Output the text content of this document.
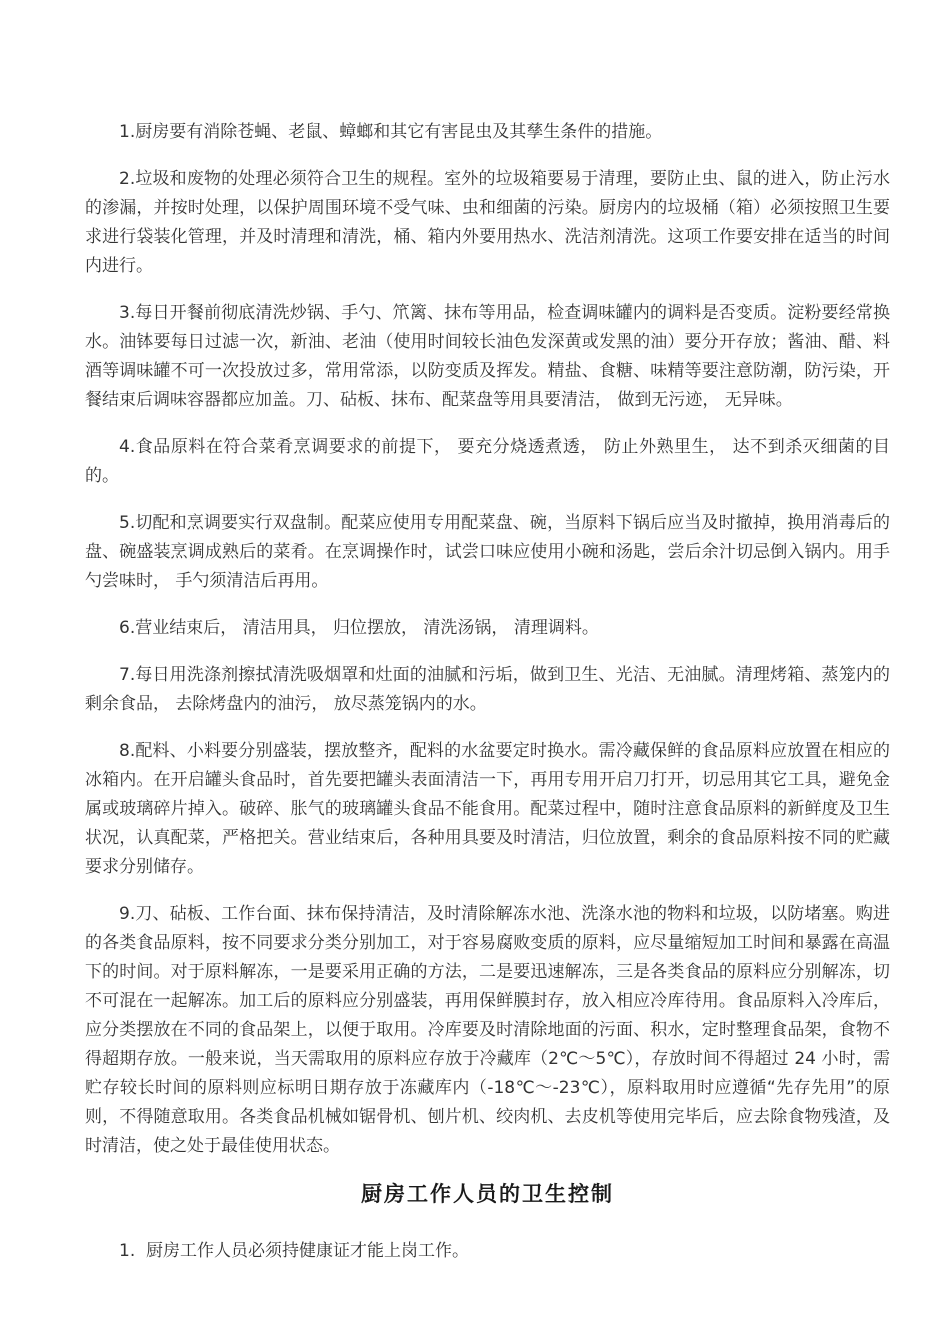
1.厨房要有消除苍蝇、老鼠、蟑螂和其它有害昆虫及其孳生条件的措施。

2.垃圾和废物的处理必须符合卫生的规程。室外的垃圾箱要易于清理，要防止虫、鼠的进入，防止污水的渗漏，并按时处理，以保护周围环境不受气味、虫和细菌的污染。厨房内的垃圾桶（箱）必须按照卫生要求进行袋装化管理，并及时清理和清洗，桶、箱内外要用热水、洗洁剂清洗。这项工作要安排在适当的时间内进行。

3.每日开餐前彻底清洗炒锅、手勺、笊篱、抹布等用品，检查调味罐内的调料是否变质。淀粉要经常换水。油钵要每日过滤一次，新油、老油（使用时间较长油色发深黄或发黑的油）要分开存放；酱油、醋、料酒等调味罐不可一次投放过多，常用常添，以防变质及挥发。精盐、食糖、味精等要注意防潮，防污染，开餐结束后调味容器都应加盖。刀、砧板、抹布、配菜盘等用具要清洁， 做到无污迹， 无异味。

4.食品原料在符合菜肴烹调要求的前提下， 要充分烧透煮透， 防止外熟里生， 达不到杀灭细菌的目的。

5.切配和烹调要实行双盘制。配菜应使用专用配菜盘、碗，当原料下锅后应当及时撤掉，换用消毒后的盘、碗盛装烹调成熟后的菜肴。在烹调操作时，试尝口味应使用小碗和汤匙，尝后余汁切忌倒入锅内。用手勺尝味时， 手勺须清洁后再用。

6.营业结束后， 清洁用具， 归位摆放， 清洗汤锅， 清理调料。

7.每日用洗涤剂擦拭清洗吸烟罩和灶面的油腻和污垢，做到卫生、光洁、无油腻。清理烤箱、蒸笼内的剩余食品， 去除烤盘内的油污， 放尽蒸笼锅内的水。

8.配料、小料要分别盛装，摆放整齐，配料的水盆要定时换水。需冷藏保鲜的食品原料应放置在相应的冰箱内。在开启罐头食品时，首先要把罐头表面清洁一下，再用专用开启刀打开，切忌用其它工具，避免金属或玻璃碎片掉入。破碎、胀气的玻璃罐头食品不能食用。配菜过程中，随时注意食品原料的新鲜度及卫生状况，认真配菜，严格把关。营业结束后，各种用具要及时清洁，归位放置，剩余的食品原料按不同的贮藏要求分别储存。

9.刀、砧板、工作台面、抹布保持清洁，及时清除解冻水池、洗涤水池的物料和垃圾，以防堵塞。购进的各类食品原料，按不同要求分类分别加工，对于容易腐败变质的原料，应尽量缩短加工时间和暴露在高温下的时间。对于原料解冻，一是要采用正确的方法，二是要迅速解冻，三是各类食品的原料应分别解冻，切不可混在一起解冻。加工后的原料应分别盛装，再用保鲜膜封存，放入相应冷库待用。食品原料入冷库后，应分类摆放在不同的食品架上，以便于取用。冷库要及时清除地面的污面、积水，定时整理食品架，食物不得超期存放。一般来说，当天需取用的原料应存放于冷藏库（2℃～5℃），存放时间不得超过 24 小时，需贮存较长时间的原料则应标明日期存放于冻藏库内（-18℃～-23℃），原料取用时应遵循“先存先用”的原则，不得随意取用。各类食品机械如锯骨机、刨片机、绞肉机、去皮机等使用完毕后，应去除食物残渣，及时清洁，使之处于最佳使用状态。

厨房工作人员的卫生控制

1.  厨房工作人员必须持健康证才能上岗工作。
